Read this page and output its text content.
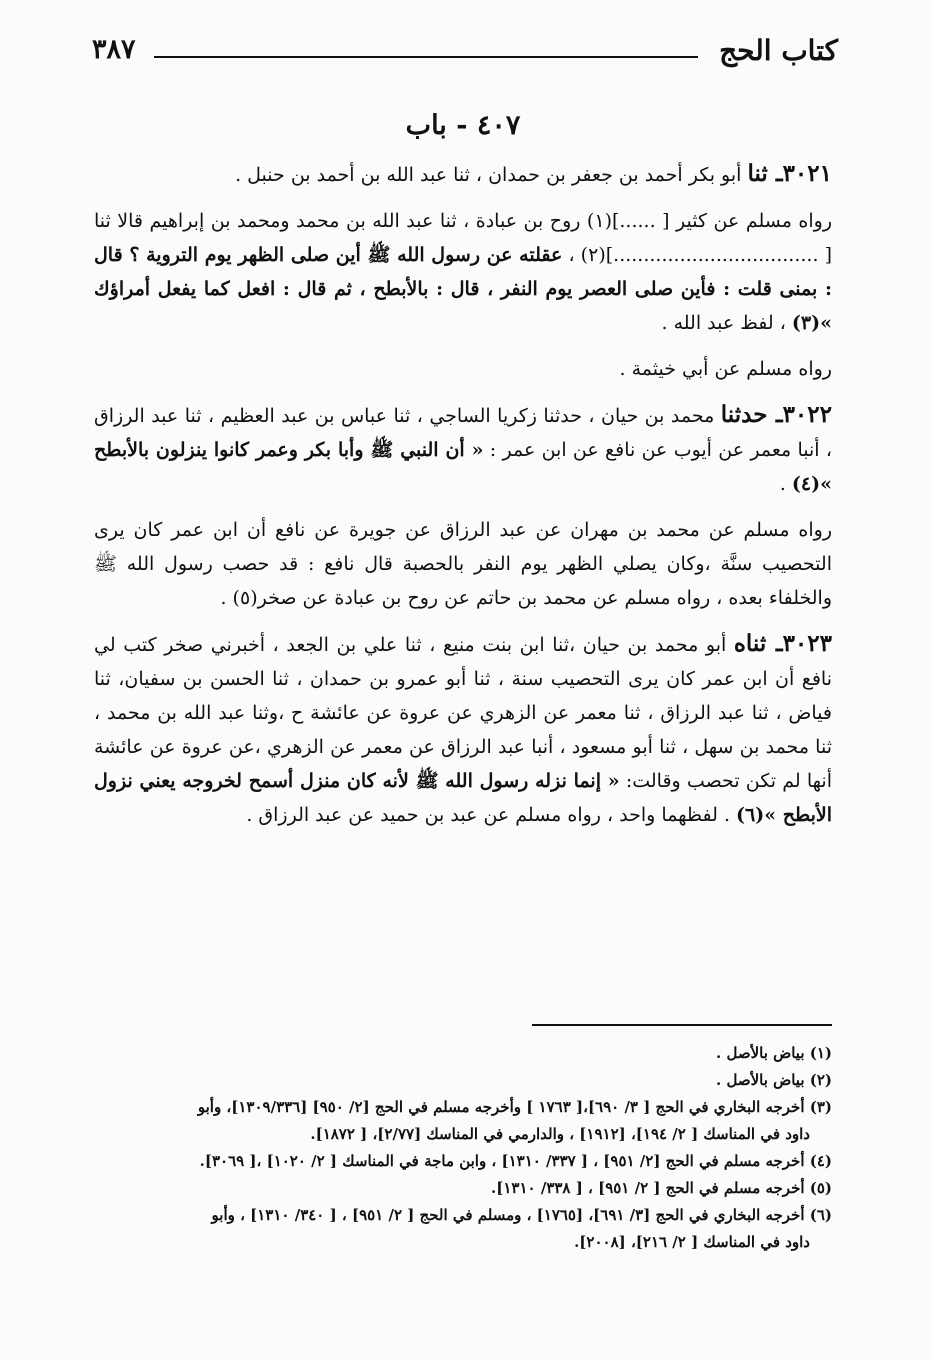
كتاب الحج
٣٨٧
٤٠٧ - باب

٣٠٢١ـ ثنا أبو بكر أحمد بن جعفر بن حمدان ، ثنا عبد الله بن أحمد بن حنبل .

رواه مسلم عن كثير [ ......](١) روح بن عبادة ، ثنا عبد الله بن محمد ومحمد بن إبراهيم قالا ثنا [ ..................................](٢) ، عقلته عن رسول الله ﷺ أين صلى الظهر يوم التروية ؟ قال : بمنى قلت : فأين صلى العصر يوم النفر ، قال : بالأبطح ، ثم قال : افعل كما يفعل أمراؤك »(٣) ، لفظ عبد الله .

رواه مسلم عن أبي خيثمة .

٣٠٢٢ـ حدثنا محمد بن حيان ، حدثنا زكريا الساجي ، ثنا عباس بن عبد العظيم ، ثنا عبد الرزاق ، أنبا معمر عن أيوب عن نافع عن ابن عمر : « أن النبي ﷺ وأبا بكر وعمر كانوا ينزلون بالأبطح »(٤) .

رواه مسلم عن محمد بن مهران عن عبد الرزاق عن جويرة عن نافع أن ابن عمر كان يرى التحصيب سنَّة ،وكان يصلي الظهر يوم النفر بالحصبة قال نافع : قد حصب رسول الله ﷺ والخلفاء بعده ، رواه مسلم عن محمد بن حاتم عن روح بن عبادة عن صخر(٥) .

٣٠٢٣ـ ثناه أبو محمد بن حيان ،ثنا ابن بنت منيع ، ثنا علي بن الجعد ، أخبرني صخر كتب لي نافع أن ابن عمر كان يرى التحصيب سنة ، ثنا أبو عمرو بن حمدان ، ثنا الحسن بن سفيان، ثنا فياض ، ثنا عبد الرزاق ، ثنا معمر عن الزهري عن عروة عن عائشة ح ،وثنا عبد الله بن محمد ، ثنا محمد بن سهل ، ثنا أبو مسعود ، أنبا عبد الرزاق عن معمر عن الزهري ،عن عروة عن عائشة أنها لم تكن تحصب وقالت: « إنما نزله رسول الله ﷺ لأنه كان منزل أسمح لخروجه يعني نزول الأبطح »(٦) . لفظهما واحد ، رواه مسلم عن عبد بن حميد عن عبد الرزاق .

(١) بياض بالأصل .

(٢) بياض بالأصل .

(٣) أخرجه البخاري في الحج [ ٣/ ٦٩٠]،[ ١٧٦٣ ] وأخرجه مسلم في الحج [٢/ ٩٥٠] [١٣٠٩/٣٣٦]، وأبو

داود في المناسك [ ٢/ ١٩٤]، [١٩١٢] ، والدارمي في المناسك [٢/٧٧]، [ ١٨٧٢].

(٤) أخرجه مسلم في الحج [٢/ ٩٥١] ، [ ٣٣٧/ ١٣١٠] ، وابن ماجة في المناسك [ ٢/ ١٠٢٠] ،[ ٣٠٦٩].

(٥) أخرجه مسلم في الحج [ ٢/ ٩٥١] ، [ ٣٣٨/ ١٣١٠].

(٦) أخرجه البخاري في الحج [٣/ ٦٩١]، [١٧٦٥] ، ومسلم في الحج [ ٢/ ٩٥١] ، [ ٣٤٠/ ١٣١٠] ، وأبو

داود في المناسك [ ٢/ ٢١٦]، [٢٠٠٨].
